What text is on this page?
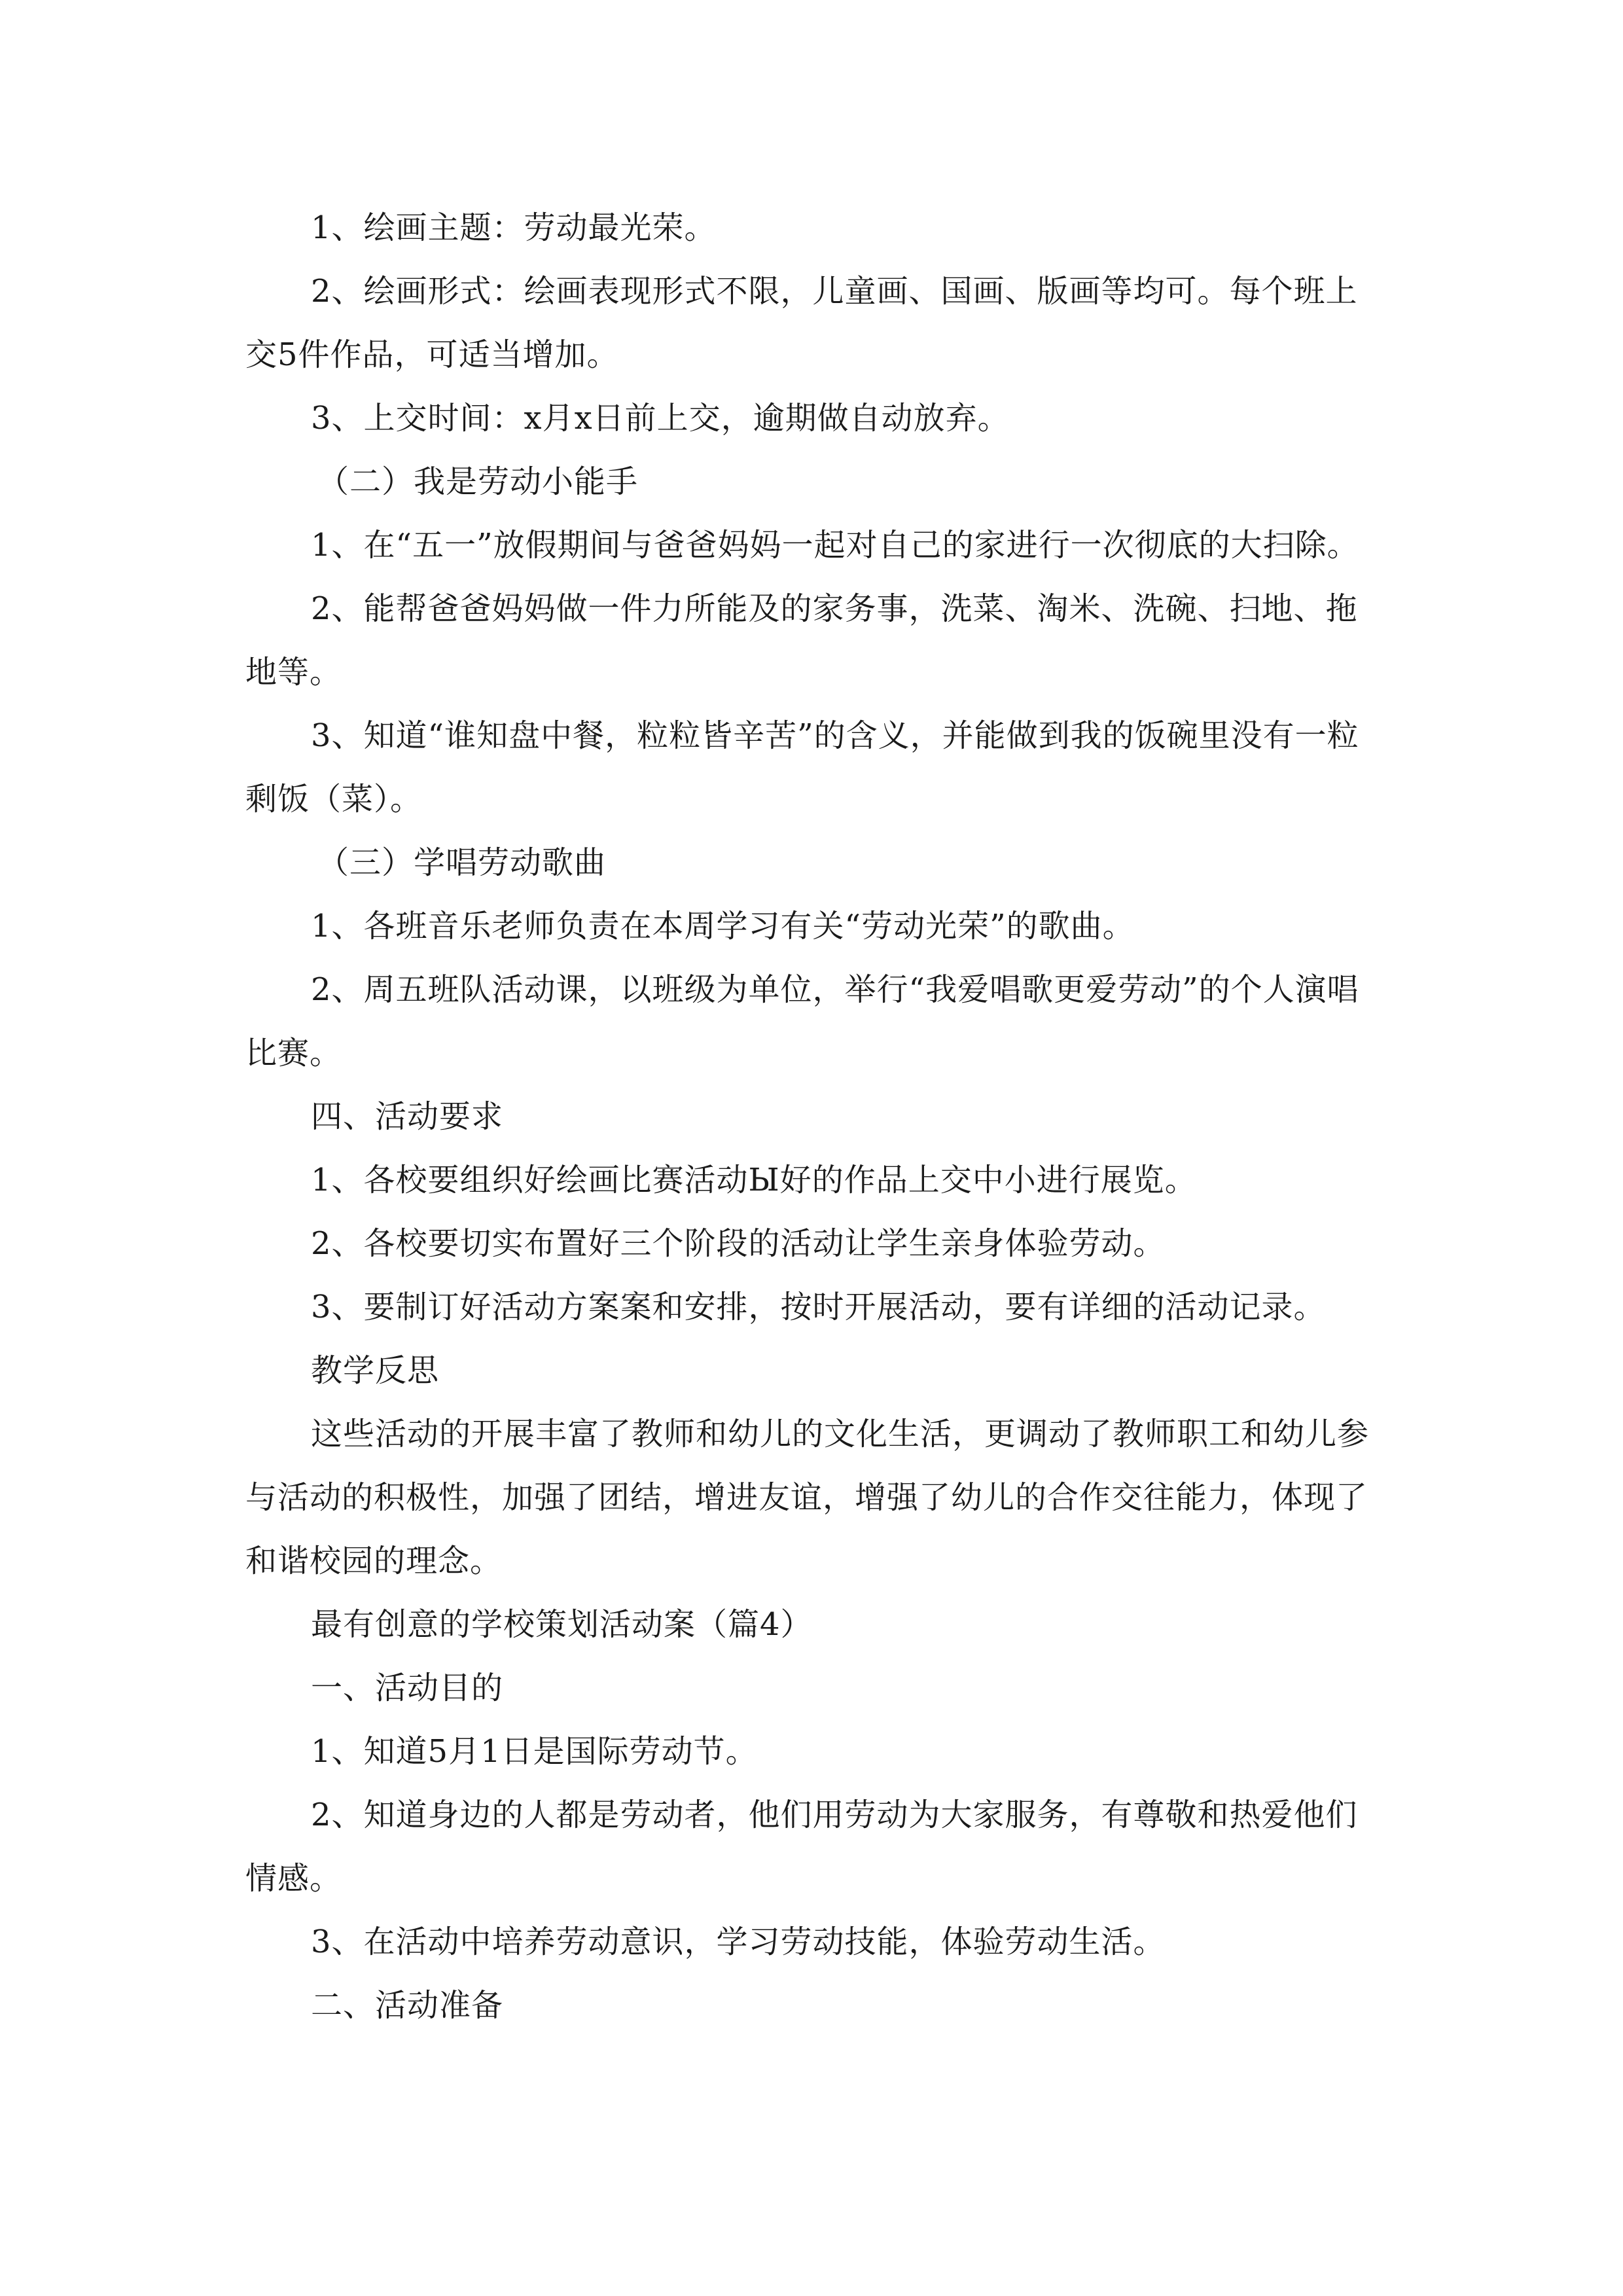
1、绘画主题：劳动最光荣。

2、绘画形式：绘画表现形式不限，儿童画、国画、版画等均可。每个班上交5件作品，可适当增加。

3、上交时间：x月x日前上交，逾期做自动放弃。

（二）我是劳动小能手

1、在“五一”放假期间与爸爸妈妈一起对自己的家进行一次彻底的大扫除。

2、能帮爸爸妈妈做一件力所能及的家务事，洗菜、淘米、洗碗、扫地、拖地等。

3、知道“谁知盘中餐，粒粒皆辛苦”的含义，并能做到我的饭碗里没有一粒剩饭（菜）。

（三）学唱劳动歌曲

1、各班音乐老师负责在本周学习有关“劳动光荣”的歌曲。

2、周五班队活动课，以班级为单位，举行“我爱唱歌更爱劳动”的个人演唱比赛。

四、活动要求

1、各校要组织好绘画比赛活动Ы好的作品上交中小进行展览。

2、各校要切实布置好三个阶段的活动让学生亲身体验劳动。

3、要制订好活动方案案和安排，按时开展活动，要有详细的活动记录。

教学反思

这些活动的开展丰富了教师和幼儿的文化生活，更调动了教师职工和幼儿参与活动的积极性，加强了团结，增进友谊，增强了幼儿的合作交往能力，体现了和谐校园的理念。

最有创意的学校策划活动案（篇4）

一、活动目的

1、知道5月1日是国际劳动节。

2、知道身边的人都是劳动者，他们用劳动为大家服务，有尊敬和热爱他们情感。

3、在活动中培养劳动意识，学习劳动技能，体验劳动生活。

二、活动准备
